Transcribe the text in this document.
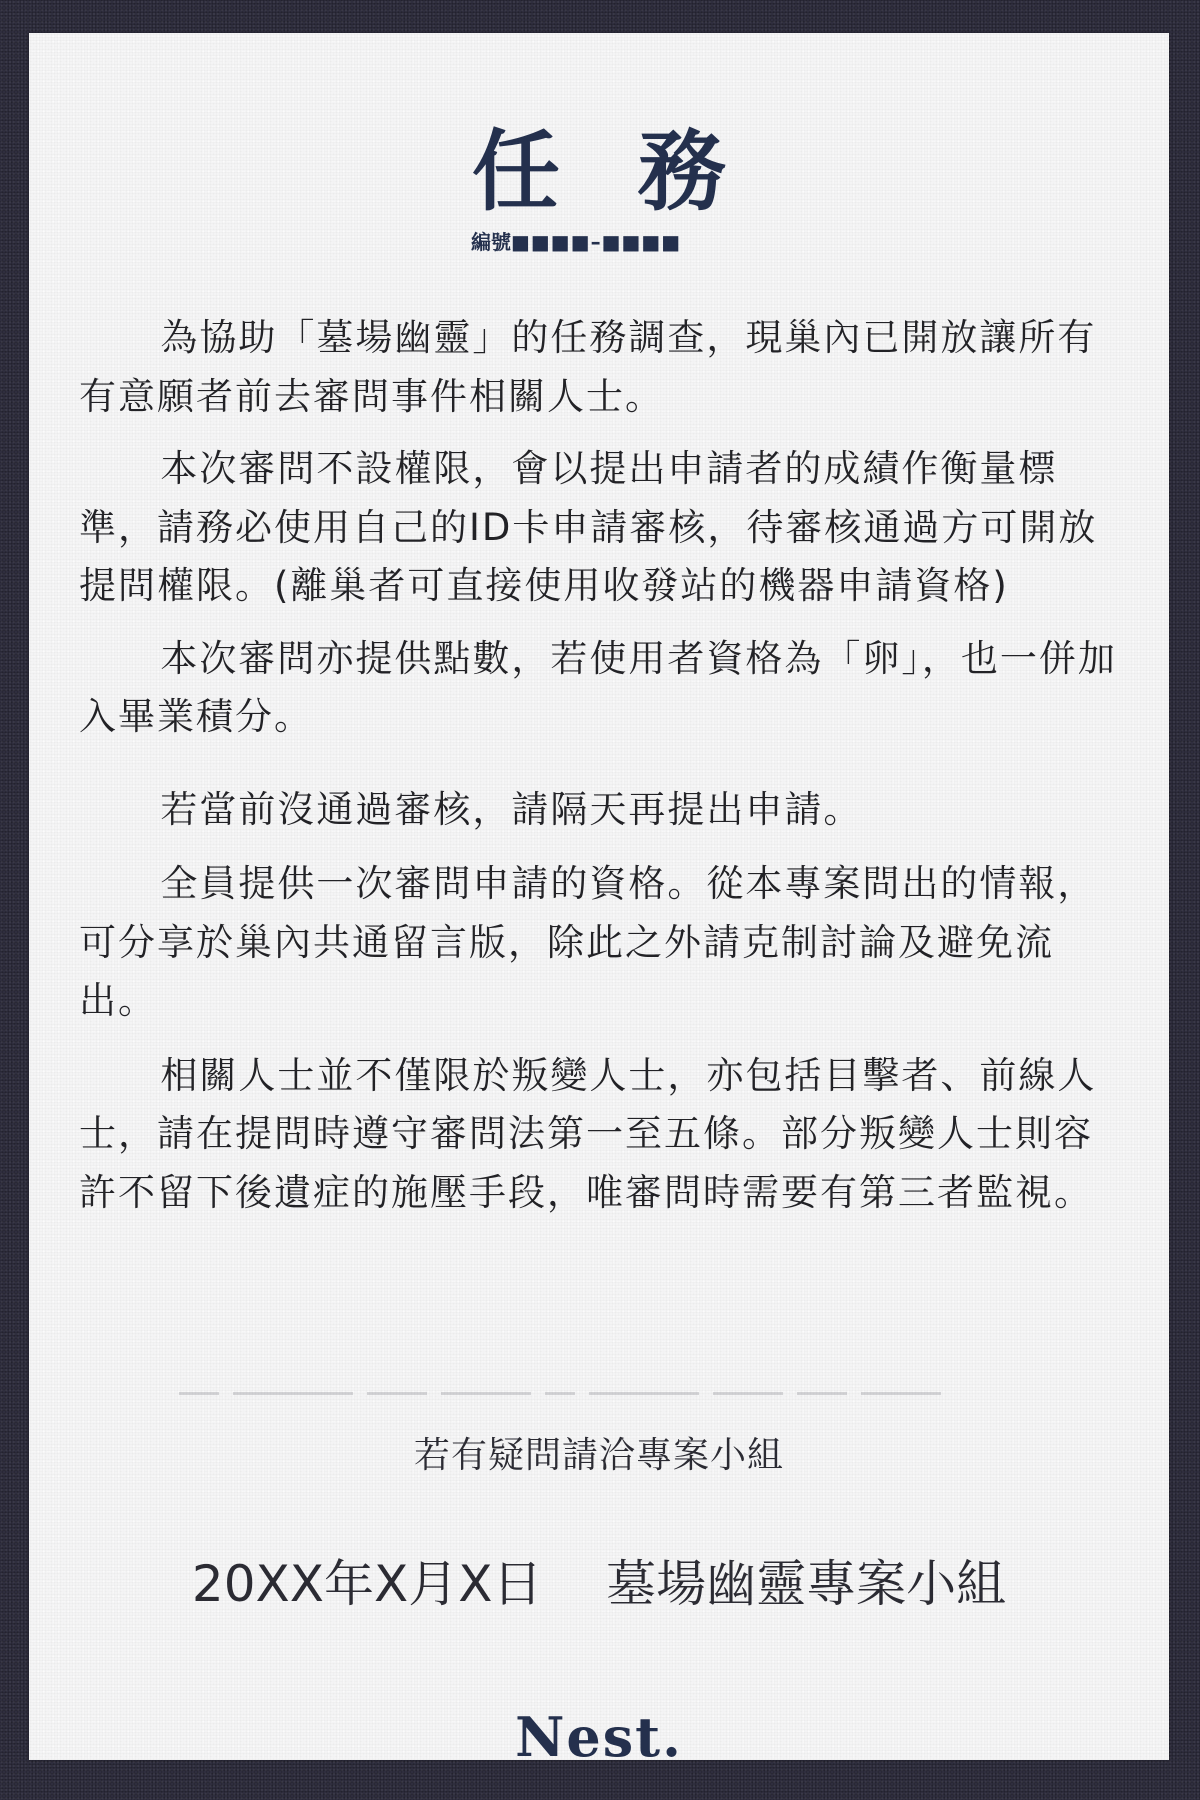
任務
編號■■■■–■■■■

為協助「墓場幽靈」的任務調查，現巢內已開放讓所有有意願者前去審問事件相關人士。

本次審問不設權限，會以提出申請者的成績作衡量標準，請務必使用自己的ID卡申請審核，待審核通過方可開放提問權限。(離巢者可直接使用收發站的機器申請資格)

本次審問亦提供點數，若使用者資格為「卵」，也一併加入畢業積分。

若當前沒通過審核，請隔天再提出申請。

全員提供一次審問申請的資格。從本專案問出的情報，可分享於巢內共通留言版，除此之外請克制討論及避免流出。

相關人士並不僅限於叛變人士，亦包括目擊者、前線人士，請在提問時遵守審問法第一至五條。部分叛變人士則容許不留下後遺症的施壓手段，唯審問時需要有第三者監視。

若有疑問請洽專案小組
20XX年X月X日 墓場幽靈專案小組
Nest.
